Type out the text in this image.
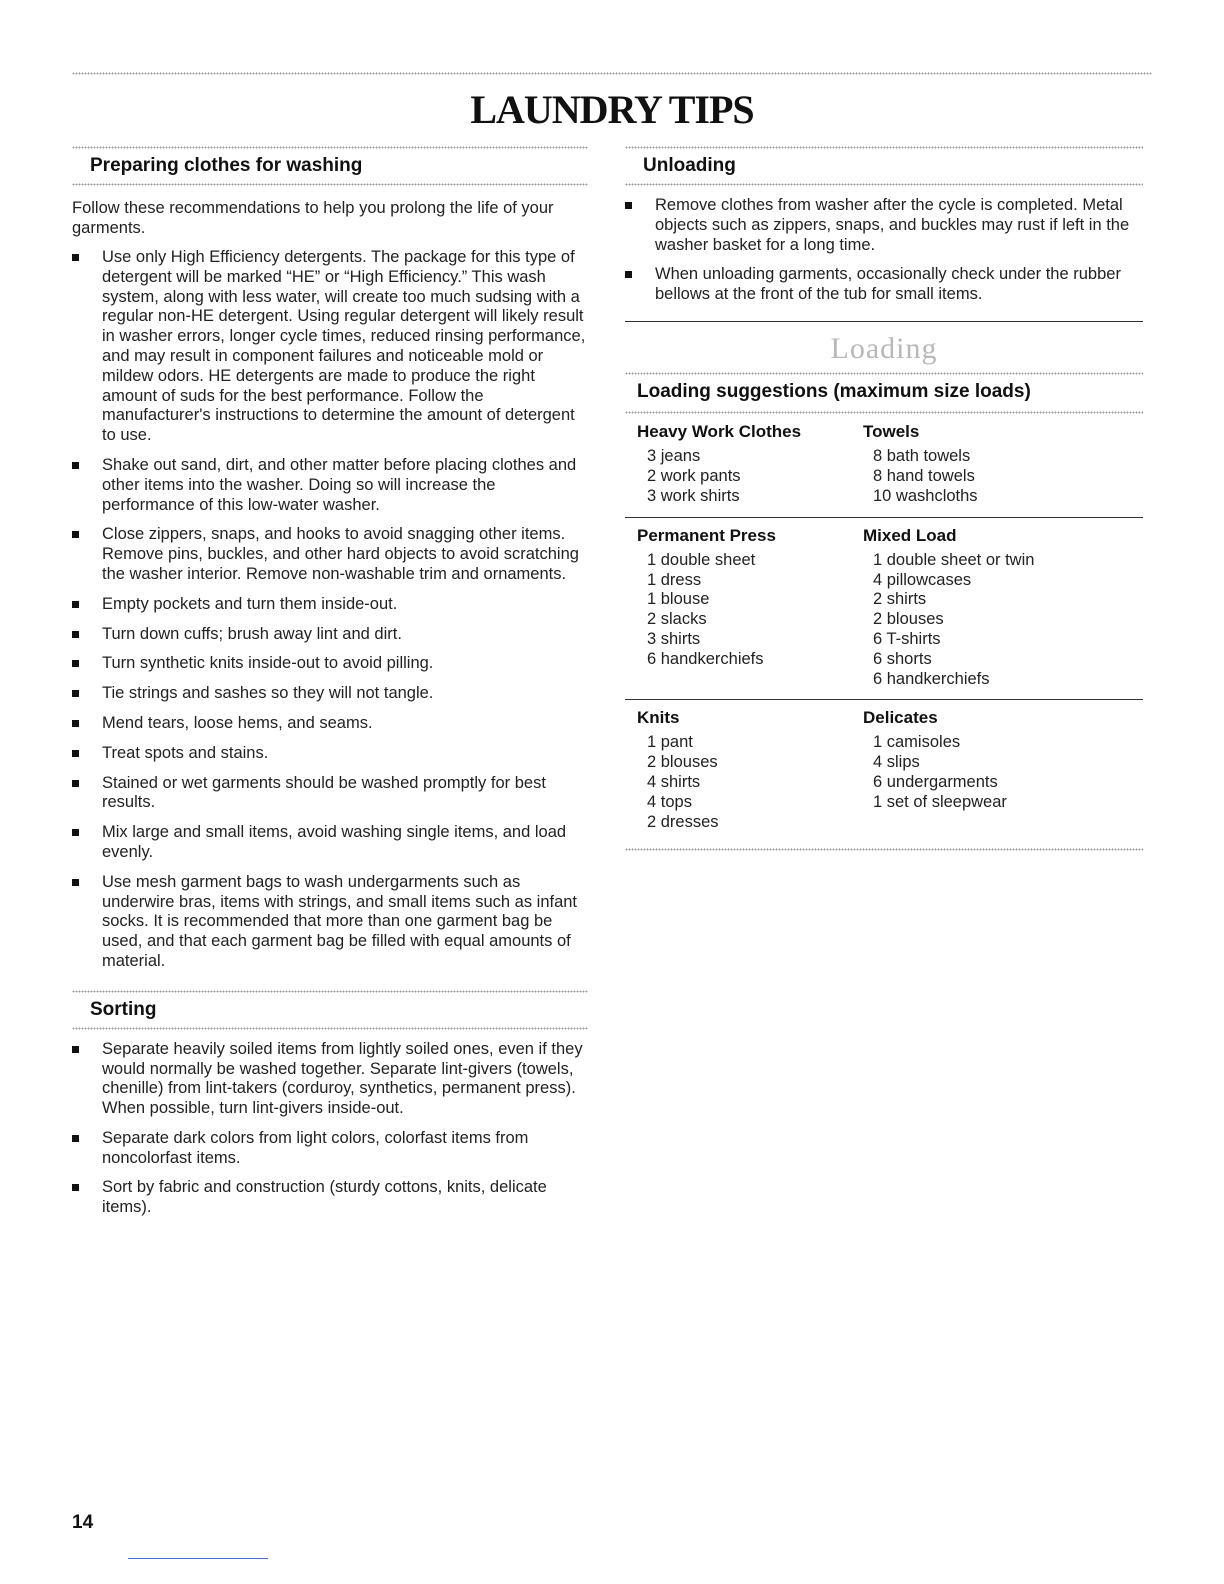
LAUNDRY TIPS
Preparing clothes for washing

Follow these recommendations to help you prolong the life of your garments.

Use only High Efficiency detergents. The package for this type of detergent will be marked “HE” or “High Efficiency.” This wash system, along with less water, will create too much sudsing with a regular non-HE detergent. Using regular detergent will likely result in washer errors, longer cycle times, reduced rinsing performance, and may result in component failures and noticeable mold or mildew odors. HE detergents are made to produce the right amount of suds for the best performance. Follow the manufacturer's instructions to determine the amount of detergent to use.
Shake out sand, dirt, and other matter before placing clothes and other items into the washer. Doing so will increase the performance of this low-water washer.
Close zippers, snaps, and hooks to avoid snagging other items. Remove pins, buckles, and other hard objects to avoid scratching the washer interior. Remove non-washable trim and ornaments.
Empty pockets and turn them inside-out.
Turn down cuffs; brush away lint and dirt.
Turn synthetic knits inside-out to avoid pilling.
Tie strings and sashes so they will not tangle.
Mend tears, loose hems, and seams.
Treat spots and stains.
Stained or wet garments should be washed promptly for best results.
Mix large and small items, avoid washing single items, and load evenly.
Use mesh garment bags to wash undergarments such as underwire bras, items with strings, and small items such as infant socks. It is recommended that more than one garment bag be used, and that each garment bag be filled with equal amounts of material.
Sorting
Separate heavily soiled items from lightly soiled ones, even if they would normally be washed together. Separate lint-givers (towels, chenille) from lint-takers (corduroy, synthetics, permanent press). When possible, turn lint-givers inside-out.
Separate dark colors from light colors, colorfast items from noncolorfast items.
Sort by fabric and construction (sturdy cottons, knits, delicate items).
Unloading
Remove clothes from washer after the cycle is completed. Metal objects such as zippers, snaps, and buckles may rust if left in the washer basket for a long time.
When unloading garments, occasionally check under the rubber bellows at the front of the tub for small items.
Loading
Loading suggestions (maximum size loads)
Heavy Work Clothes
3 jeans
2 work pants
3 work shirts
Towels
8 bath towels
8 hand towels
10 washcloths
Permanent Press
1 double sheet
1 dress
1 blouse
2 slacks
3 shirts
6 handkerchiefs
Mixed Load
1 double sheet or twin
4 pillowcases
2 shirts
2 blouses
6 T-shirts
6 shorts
6 handkerchiefs
Knits
1 pant
2 blouses
4 shirts
4 tops
2 dresses
Delicates
1 camisoles
4 slips
6 undergarments
1 set of sleepwear
14
